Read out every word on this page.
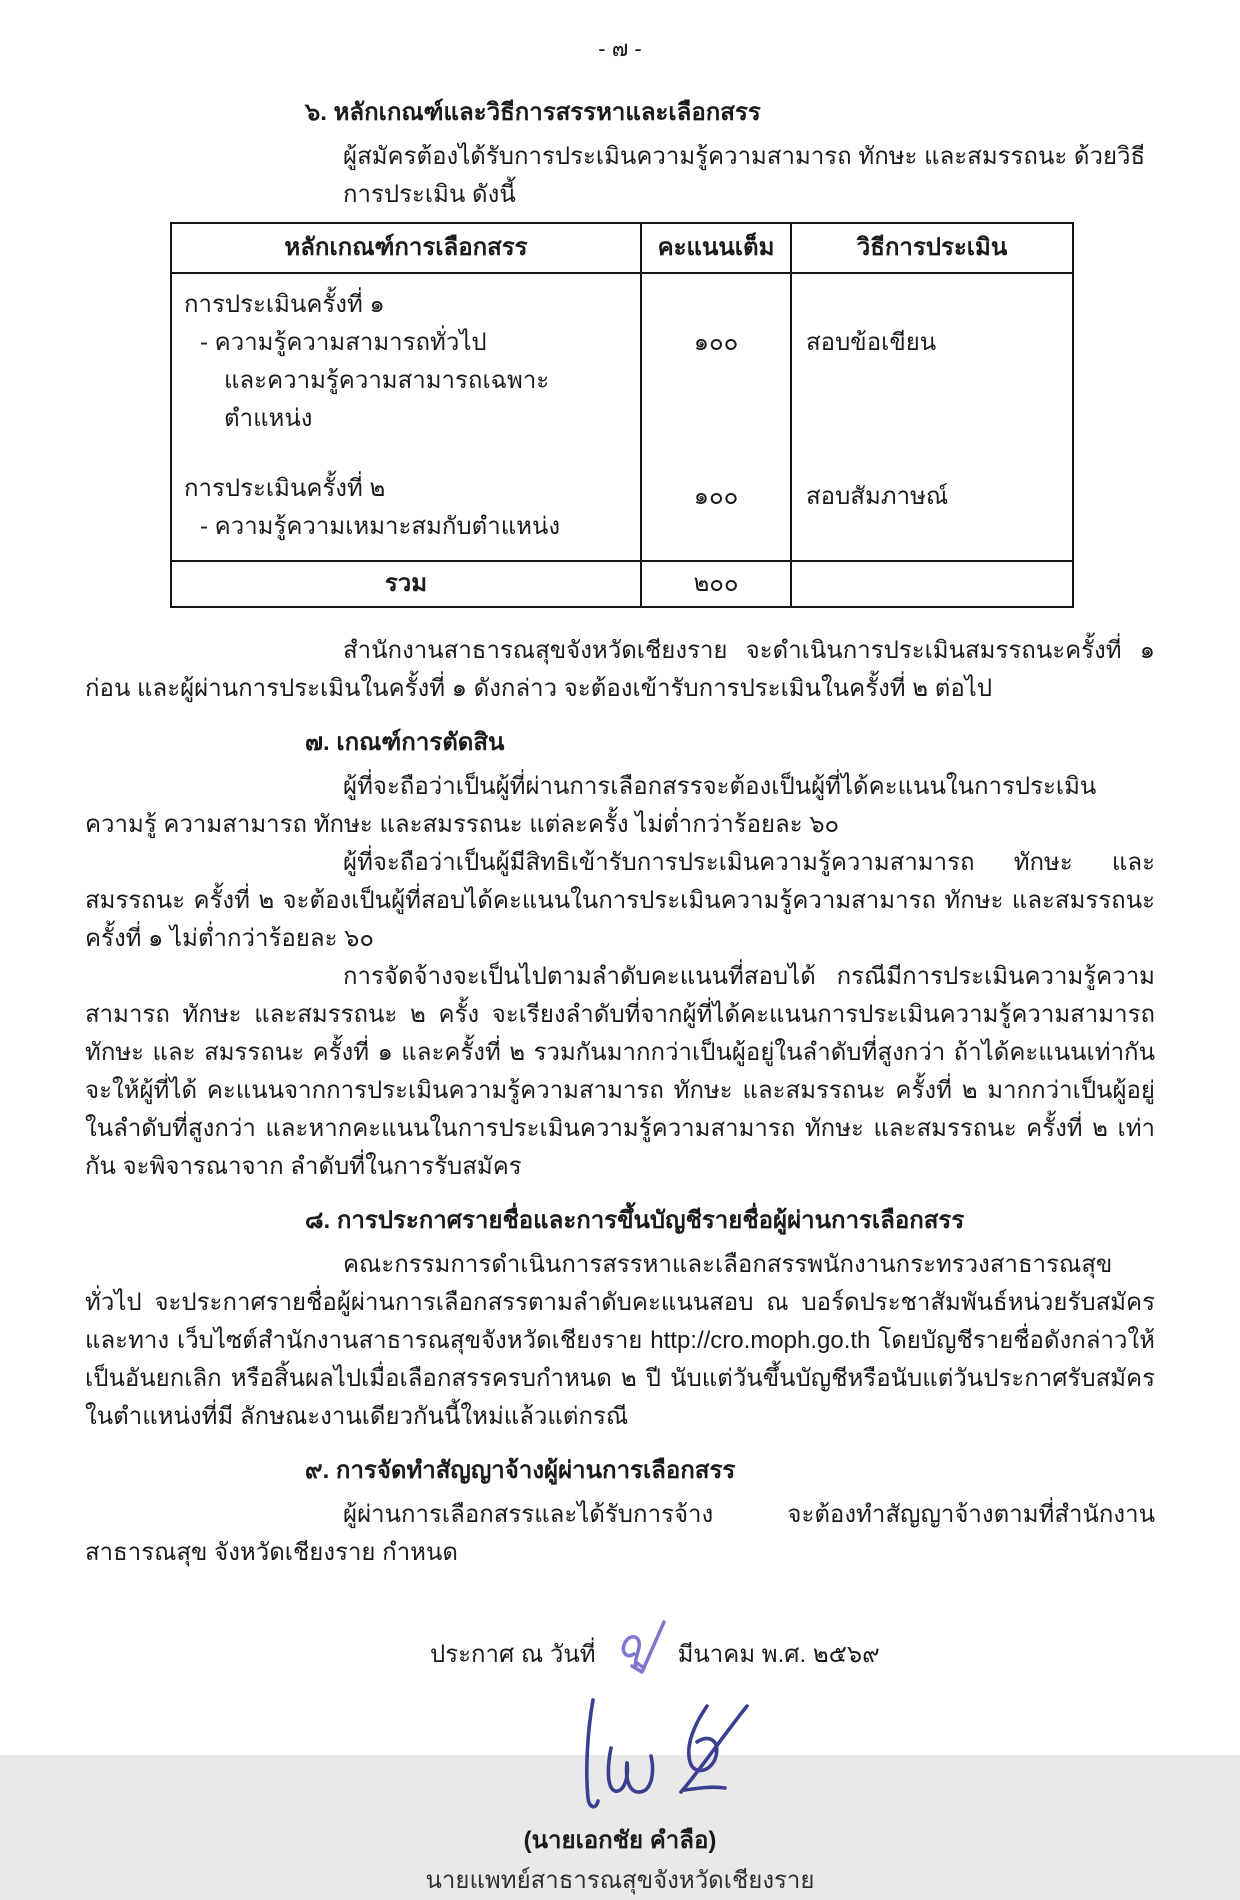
- ๗ -
๖. หลักเกณฑ์และวิธีการสรรหาและเลือกสรร
ผู้สมัครต้องได้รับการประเมินความรู้ความสามารถ ทักษะ และสมรรถนะ ด้วยวิธีการประเมิน ดังนี้
หลักเกณฑ์การเลือกสรร	คะแนนเต็ม	วิธีการประเมิน

การประเมินครั้งที่ ๑
- ความรู้ความสามารถทั่วไป
และความรู้ความสามารถเฉพาะตำแหน่ง	๑๐๐	สอบข้อเขียน

การประเมินครั้งที่ ๒
- ความรู้ความเหมาะสมกับตำแหน่ง	๑๐๐	สอบสัมภาษณ์
รวม	๒๐๐	

สำนักงานสาธารณสุขจังหวัดเชียงราย จะดำเนินการประเมินสมรรถนะครั้งที่ ๑ ก่อน และผู้ผ่านการประเมินในครั้งที่ ๑ ดังกล่าว จะต้องเข้ารับการประเมินในครั้งที่ ๒ ต่อไป

๗. เกณฑ์การตัดสิน

ผู้ที่จะถือว่าเป็นผู้ที่ผ่านการเลือกสรรจะต้องเป็นผู้ที่ได้คะแนนในการประเมินความรู้ ความสามารถ ทักษะ และสมรรถนะ แต่ละครั้ง ไม่ต่ำกว่าร้อยละ ๖๐

ผู้ที่จะถือว่าเป็นผู้มีสิทธิเข้ารับการประเมินความรู้ความสามารถ ทักษะ และสมรรถนะ ครั้งที่ ๒ จะต้องเป็นผู้ที่สอบได้คะแนนในการประเมินความรู้ความสามารถ ทักษะ และสมรรถนะ ครั้งที่ ๑ ไม่ต่ำกว่าร้อยละ ๖๐

การจัดจ้างจะเป็นไปตามลำดับคะแนนที่สอบได้ กรณีมีการประเมินความรู้ความสามารถ ทักษะ และสมรรถนะ ๒ ครั้ง จะเรียงลำดับที่จากผู้ที่ได้คะแนนการประเมินความรู้ความสามารถ ทักษะ และ สมรรถนะ ครั้งที่ ๑ และครั้งที่ ๒ รวมกันมากกว่าเป็นผู้อยู่ในลำดับที่สูงกว่า ถ้าได้คะแนนเท่ากัน จะให้ผู้ที่ได้ คะแนนจากการประเมินความรู้ความสามารถ ทักษะ และสมรรถนะ ครั้งที่ ๒ มากกว่าเป็นผู้อยู่ในลำดับที่สูงกว่า และหากคะแนนในการประเมินความรู้ความสามารถ ทักษะ และสมรรถนะ ครั้งที่ ๒ เท่ากัน จะพิจารณาจาก ลำดับที่ในการรับสมัคร

๘. การประกาศรายชื่อและการขึ้นบัญชีรายชื่อผู้ผ่านการเลือกสรร

คณะกรรมการดำเนินการสรรหาและเลือกสรรพนักงานกระทรวงสาธารณสุขทั่วไป จะประกาศรายชื่อผู้ผ่านการเลือกสรรตามลำดับคะแนนสอบ ณ บอร์ดประชาสัมพันธ์หน่วยรับสมัคร และทาง เว็บไซต์สำนักงานสาธารณสุขจังหวัดเชียงราย http://cro.moph.go.th โดยบัญชีรายชื่อดังกล่าวให้เป็นอันยกเลิก หรือสิ้นผลไปเมื่อเลือกสรรครบกำหนด ๒ ปี นับแต่วันขึ้นบัญชีหรือนับแต่วันประกาศรับสมัครในตำแหน่งที่มี ลักษณะงานเดียวกันนี้ใหม่แล้วแต่กรณี

๙. การจัดทำสัญญาจ้างผู้ผ่านการเลือกสรร

ผู้ผ่านการเลือกสรรและได้รับการจ้าง จะต้องทำสัญญาจ้างตามที่สำนักงานสาธารณสุข จังหวัดเชียงราย กำหนด

ประกาศ ณ วันที่	มีนาคม พ.ศ. ๒๕๖๙
(นายเอกชัย คำลือ)
นายแพทย์สาธารณสุขจังหวัดเชียงราย
